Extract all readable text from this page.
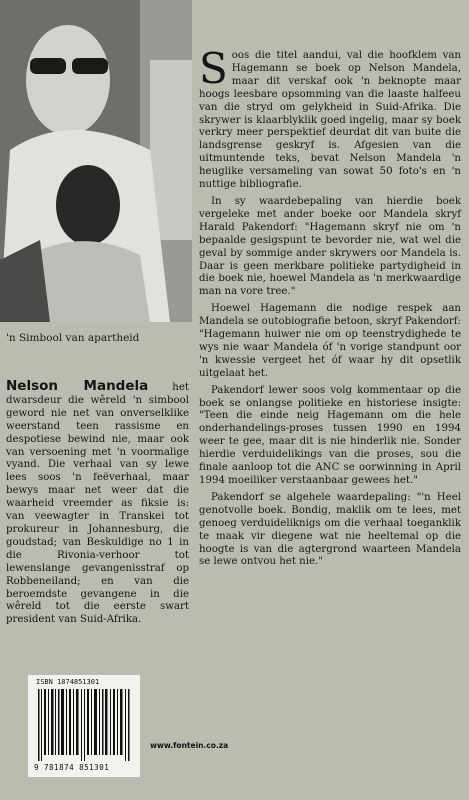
'n Simbool van apartheid

Soos die titel aandui, val die hoofklem van Hagemann se boek op Nelson Mandela, maar dit verskaf ook 'n beknopte maar hoogs leesbare opsomming van die laaste halfeeu van die stryd om gelykheid in Suid-Afrika. Die skrywer is klaarblyklik goed ingelig, maar sy boek verkry meer perspektief deurdat dit van buite die landsgrense geskryf is. Afgesien van die uitmuntende teks, bevat Nelson Mandela 'n heuglike versameling van sowat 50 foto's en 'n nuttige bibliografie.

In sy waardebepaling van hierdie boek vergeleke met ander boeke oor Mandela skryf Harald Pakendorf: "Hagemann skryf nie om 'n bepaalde gesigspunt te bevorder nie, wat wel die geval by sommige ander skrywers oor Mandela is. Daar is geen merkbare politieke partydigheid in die boek nie, hoewel Mandela as 'n merkwaardige man na vore tree."

Hoewel Hagemann die nodige respek aan Mandela se outobiografie betoon, skryf Pakendorf: "Hagemann huiwer nie om op teenstrydighede te wys nie waar Mandela óf 'n vorige standpunt oor 'n kwessie vergeet het óf waar hy dit opsetlik uitgelaat het.

Pakendorf lewer soos volg kommentaar op die boek se onlangse politieke en historiese insigte: "Teen die einde neig Hagemann om die hele onderhandelings-proses tussen 1990 en 1994 weer te gee, maar dit is nie hinderlik nie. Sonder hierdie verduidelikings van die proses, sou die finale aanloop tot die ANC se oorwinning in April 1994 moeiliker verstaanbaar gewees het."

Pakendorf se algehele waardepaling: "'n Heel genotvolle boek. Bondig, maklik om te lees, met genoeg verduideliknigs om die verhaal toeganklik te maak vir diegene wat nie heeltemal op die hoogte is van die agtergrond waarteen Mandela se lewe ontvou het nie."

Nelson Mandela het dwarsdeur die wêreld 'n simbool geword nie net van onverselklike weerstand teen rassisme en despotiese bewind nie, maar ook van versoening met 'n voormalige vyand. Die verhaal van sy lewe lees soos 'n feëverhaal, maar bewys maar net weer dat die waarheid vreemder as fiksie is: van veewagter in Transkei tot prokureur in Johannesburg, die goudstad; van Beskuldige no 1 in die Rivonia-verhoor tot lewenslange gevangenisstraf op Robbeneiland; en van die beroemdste gevangene in die wêreld tot die eerste swart president van Suid-Afrika.
ISBN 1874851301
9 781874 851301
www.fontein.co.za
